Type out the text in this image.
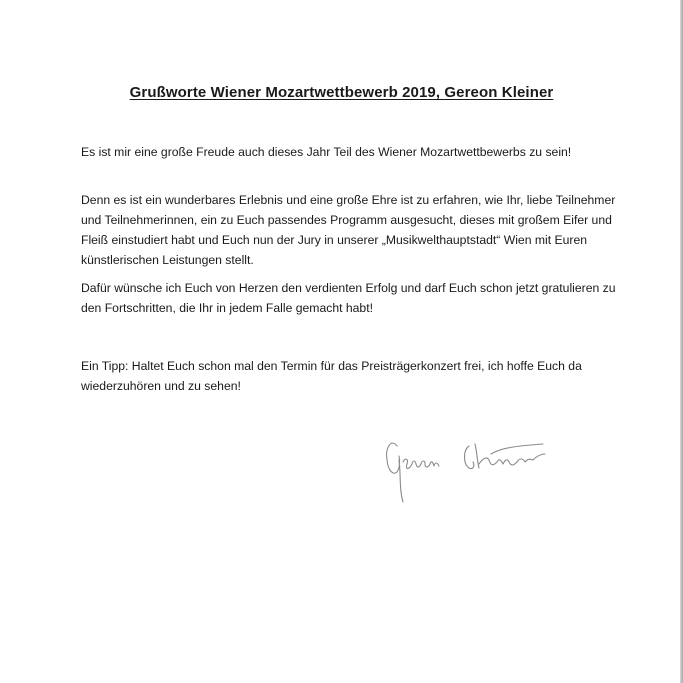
Grußworte Wiener Mozartwettbewerb 2019, Gereon Kleiner

Es ist mir eine große Freude auch dieses Jahr Teil des Wiener Mozartwettbewerbs zu sein!

Denn es ist ein wunderbares Erlebnis und eine große Ehre ist zu erfahren, wie Ihr, liebe Teilnehmer und Teilnehmerinnen, ein zu Euch passendes Programm ausgesucht, dieses mit großem Eifer und Fleiß einstudiert habt und Euch nun der Jury in unserer „Musikwelthauptstadt“ Wien mit Euren künstlerischen Leistungen stellt.

Dafür wünsche ich Euch von Herzen den verdienten Erfolg und darf Euch schon jetzt gratulieren zu den Fortschritten, die Ihr in jedem Falle gemacht habt!

Ein Tipp: Haltet Euch schon mal den Termin für das Preisträgerkonzert frei, ich hoffe Euch da wiederzuhören und zu sehen!
